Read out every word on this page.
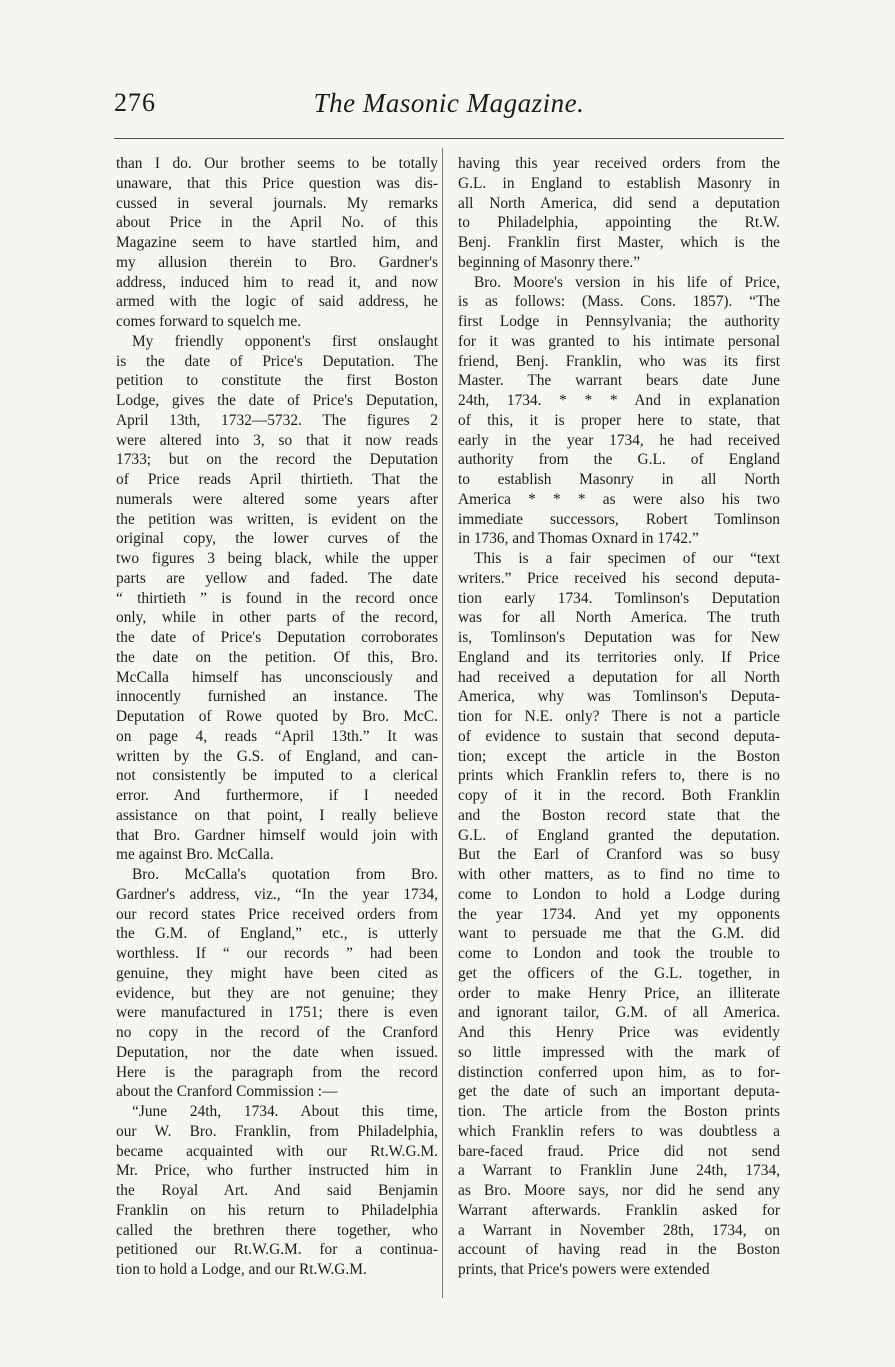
276	The Masonic Magazine.
than I do. Our brother seems to be totally
unaware, that this Price question was dis-
cussed in several journals. My remarks
about Price in the April No. of this
Magazine seem to have startled him, and
my allusion therein to Bro. Gardner's
address, induced him to read it, and now
armed with the logic of said address, he
comes forward to squelch me.
My friendly opponent's first onslaught
is the date of Price's Deputation. The
petition to constitute the first Boston
Lodge, gives the date of Price's Deputation,
April 13th, 1732—5732. The figures 2
were altered into 3, so that it now reads
1733; but on the record the Deputation
of Price reads April thirtieth. That the
numerals were altered some years after
the petition was written, is evident on the
original copy, the lower curves of the
two figures 3 being black, while the upper
parts are yellow and faded. The date
“ thirtieth ” is found in the record once
only, while in other parts of the record,
the date of Price's Deputation corroborates
the date on the petition. Of this, Bro.
McCalla himself has unconsciously and
innocently furnished an instance. The
Deputation of Rowe quoted by Bro. McC.
on page 4, reads “April 13th.” It was
written by the G.S. of England, and can-
not consistently be imputed to a clerical
error. And furthermore, if I needed
assistance on that point, I really believe
that Bro. Gardner himself would join with
me against Bro. McCalla.
Bro. McCalla's quotation from Bro.
Gardner's address, viz., “In the year 1734,
our record states Price received orders from
the G.M. of England,” etc., is utterly
worthless. If “ our records ” had been
genuine, they might have been cited as
evidence, but they are not genuine; they
were manufactured in 1751; there is even
no copy in the record of the Cranford
Deputation, nor the date when issued.
Here is the paragraph from the record
about the Cranford Commission :—
“June 24th, 1734. About this time,
our W. Bro. Franklin, from Philadelphia,
became acquainted with our Rt.W.G.M.
Mr. Price, who further instructed him in
the Royal Art. And said Benjamin
Franklin on his return to Philadelphia
called the brethren there together, who
petitioned our Rt.W.G.M. for a continua-
tion to hold a Lodge, and our Rt.W.G.M.
having this year received orders from the
G.L. in England to establish Masonry in
all North America, did send a deputation
to Philadelphia, appointing the Rt.W.
Benj. Franklin first Master, which is the
beginning of Masonry there.”
Bro. Moore's version in his life of Price,
is as follows: (Mass. Cons. 1857). “The
first Lodge in Pennsylvania; the authority
for it was granted to his intimate personal
friend, Benj. Franklin, who was its first
Master. The warrant bears date June
24th, 1734. * * * And in explanation
of this, it is proper here to state, that
early in the year 1734, he had received
authority from the G.L. of England
to establish Masonry in all North
America * * * as were also his two
immediate successors, Robert Tomlinson
in 1736, and Thomas Oxnard in 1742.”
This is a fair specimen of our “text
writers.” Price received his second deputa-
tion early 1734. Tomlinson's Deputation
was for all North America. The truth
is, Tomlinson's Deputation was for New
England and its territories only. If Price
had received a deputation for all North
America, why was Tomlinson's Deputa-
tion for N.E. only? There is not a particle
of evidence to sustain that second deputa-
tion; except the article in the Boston
prints which Franklin refers to, there is no
copy of it in the record. Both Franklin
and the Boston record state that the
G.L. of England granted the deputation.
But the Earl of Cranford was so busy
with other matters, as to find no time to
come to London to hold a Lodge during
the year 1734. And yet my opponents
want to persuade me that the G.M. did
come to London and took the trouble to
get the officers of the G.L. together, in
order to make Henry Price, an illiterate
and ignorant tailor, G.M. of all America.
And this Henry Price was evidently
so little impressed with the mark of
distinction conferred upon him, as to for-
get the date of such an important deputa-
tion. The article from the Boston prints
which Franklin refers to was doubtless a
bare-faced fraud. Price did not send
a Warrant to Franklin June 24th, 1734,
as Bro. Moore says, nor did he send any
Warrant afterwards. Franklin asked for
a Warrant in November 28th, 1734, on
account of having read in the Boston
prints, that Price's powers were extended
